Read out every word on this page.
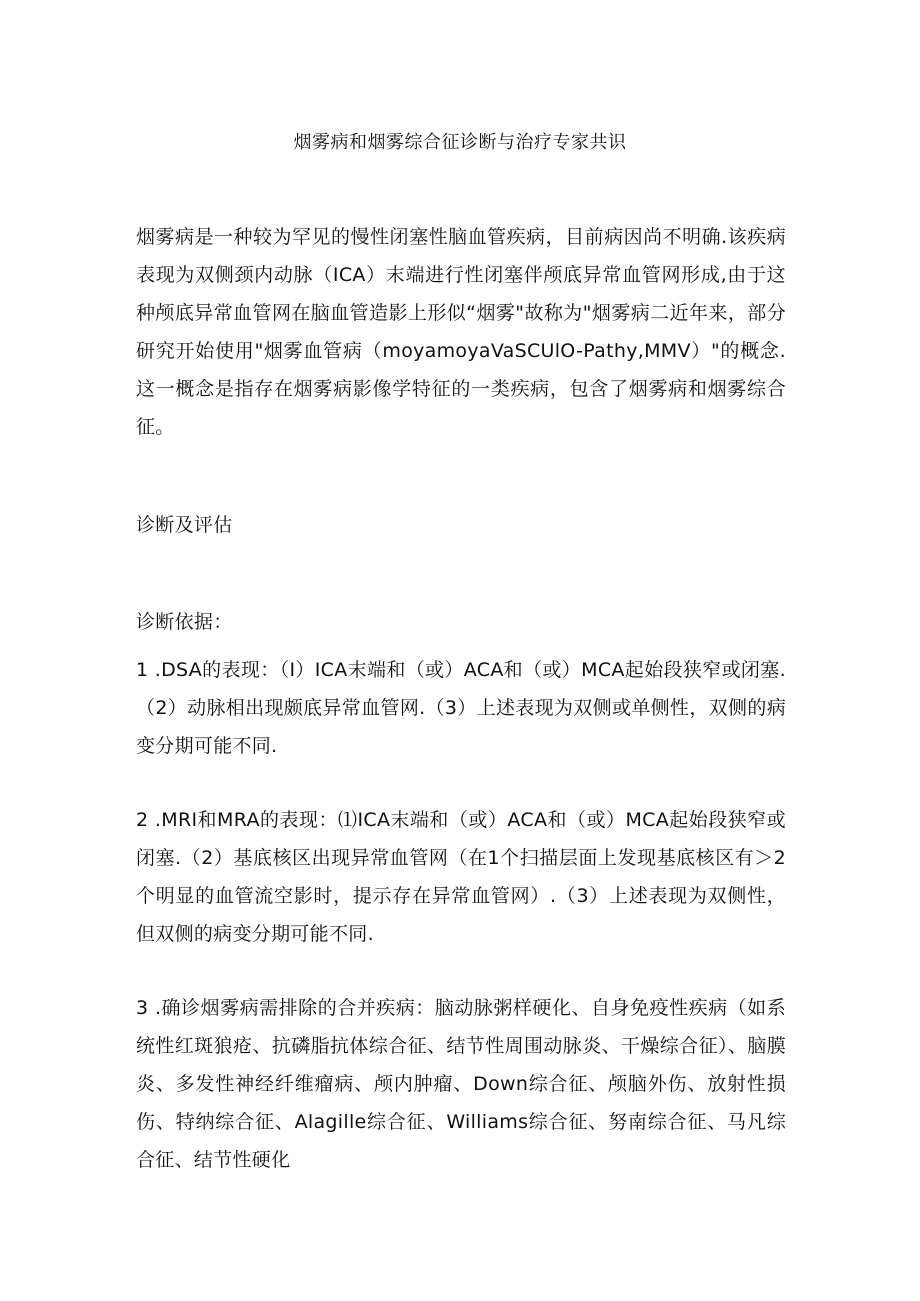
烟雾病和烟雾综合征诊断与治疗专家共识
烟雾病是一种较为罕见的慢性闭塞性脑血管疾病，目前病因尚不明确.该疾病表现为双侧颈内动脉（ICA）末端进行性闭塞伴颅底异常血管网形成,由于这种颅底异常血管网在脑血管造影上形似“烟雾"故称为"烟雾病二近年来，部分研究开始使用"烟雾血管病（moyamoyaVaSCUlO-Pathy,MMV）"的概念.这一概念是指存在烟雾病影像学特征的一类疾病，包含了烟雾病和烟雾综合征。
诊断及评估
诊断依据：
1 .DSA的表现：（I）ICA末端和（或）ACA和（或）MCA起始段狭窄或闭塞.（2）动脉相出现颇底异常血管网.（3）上述表现为双侧或单侧性，双侧的病变分期可能不同.
2 .MRI和MRA的表现：⑴ICA末端和（或）ACA和（或）MCA起始段狭窄或闭塞.（2）基底核区出现异常血管网（在1个扫描层面上发现基底核区有＞2个明显的血管流空影时，提示存在异常血管网）.（3）上述表现为双侧性，但双侧的病变分期可能不同.
3 .确诊烟雾病需排除的合并疾病：脑动脉粥样硬化、自身免疫性疾病（如系统性红斑狼疮、抗磷脂抗体综合征、结节性周围动脉炎、干燥综合征）、脑膜炎、多发性神经纤维瘤病、颅内肿瘤、Down综合征、颅脑外伤、放射性损伤、特纳综合征、Alagille综合征、Williams综合征、努南综合征、马凡综合征、结节性硬化
